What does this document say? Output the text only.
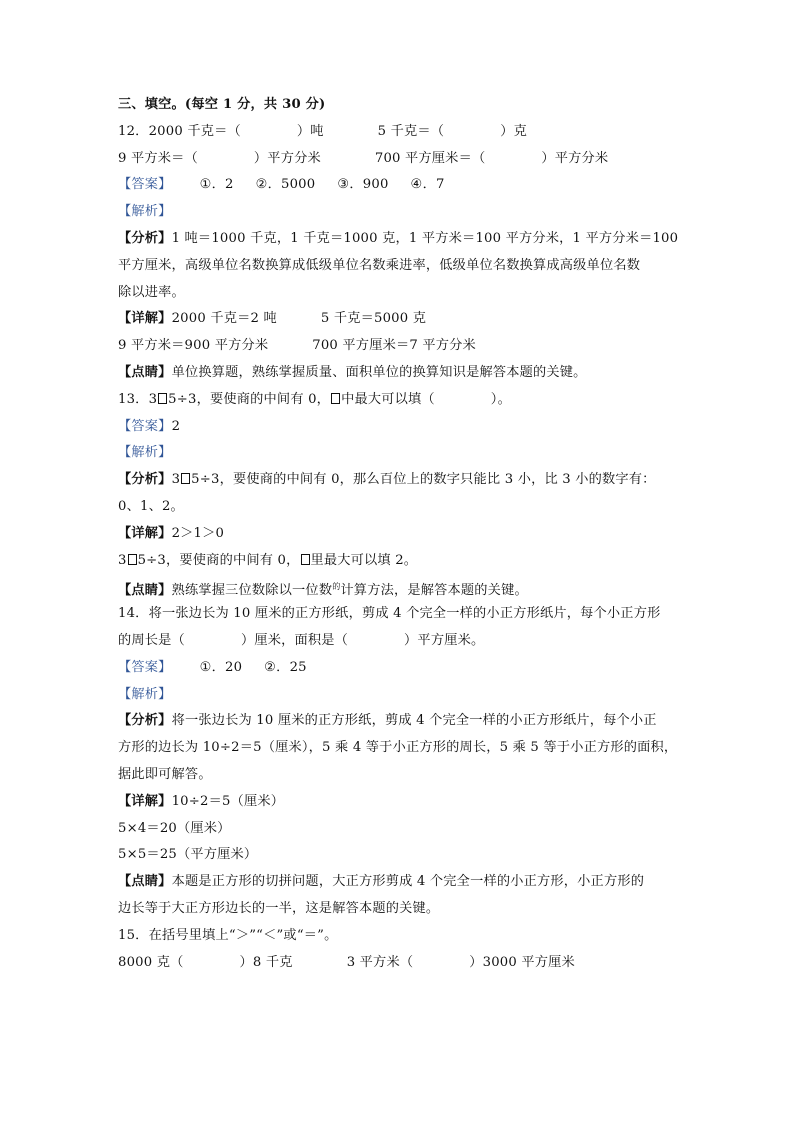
三、填空。(每空 1 分，共 30 分)
12．2000 千克＝（	）吨	5 千克＝（	）克
9 平方米＝（	）平方分米	700 平方厘米＝（	）平方分米
【答案】 ①．2 ②．5000 ③．900 ④．7
【解析】
【分析】1 吨＝1000 千克，1 千克＝1000 克，1 平方米＝100 平方分米，1 平方分米＝100
平方厘米，高级单位名数换算成低级单位名数乘进率，低级单位名数换算成高级单位名数
除以进率。
【详解】2000 千克＝2 吨	5 千克＝5000 克
9 平方米＝900 平方分米	700 平方厘米＝7 平方分米
【点睛】单位换算题，熟练掌握质量、面积单位的换算知识是解答本题的关键。
13．3 5÷3，要使商的中间有 0， 中最大可以填（	）。
【答案】2
【解析】
【分析】3 5÷3，要使商的中间有 0，那么百位上的数字只能比 3 小，比 3 小的数字有：
0、1、2。
【详解】2＞1＞0
3 5÷3，要使商的中间有 0， 里最大可以填 2。
【点睛】熟练掌握三位数除以一位数$^的$计算方法，是解答本题的关键。
14．将一张边长为 10 厘米的正方形纸，剪成 4 个完全一样的小正方形纸片，每个小正方形
的周长是（	）厘米，面积是（	）平方厘米。
【答案】 ①．20 ②．25
【解析】
【分析】将一张边长为 10 厘米的正方形纸，剪成 4 个完全一样的小正方形纸片，每个小正
方形的边长为 10÷2＝5（厘米），5 乘 4 等于小正方形的周长，5 乘 5 等于小正方形的面积，
据此即可解答。
【详解】10÷2＝5（厘米）
5×4＝20（厘米）
5×5＝25（平方厘米）
【点睛】本题是正方形的切拼问题，大正方形剪成 4 个完全一样的小正方形，小正方形的
边长等于大正方形边长的一半，这是解答本题的关键。
15．在括号里填上“＞”“＜”或“＝”。
8000 克（	）8 千克	3 平方米（	）3000 平方厘米
